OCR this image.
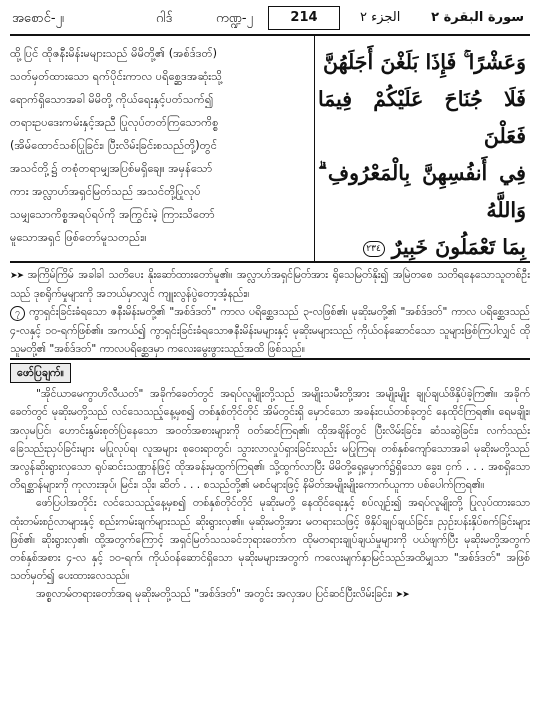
အစောင်-၂၊	ဂါဒ်	ကဏ္ဍ-၂	214	الجزء ٢ سورة البقرة ٢
ထို့ပြင် ထိုဇနီးမိန်းမများသည် မိမိတို့၏ (အစ်ဒ်ဒတ်)
သတ်မှတ်ထားသော ရက်ပိုင်းကာလ ပရိစ္ဆေဒအဆုံးသို့
ရောက်ရှိသောအခါ မိမိတို့ ကိုယ်ရေးနှင့်ပတ်သက်၍
တရားဥပဒေးကမ်းနှင့်အညီ ပြုလုပ်တတ်ကြသောကိစ္စ
(အိမ်ထောင်သစ်ပြုခြင်း၊ ပြီးလိမ်းခြင်းစသည်တို့)တွင်
အသင်တို့၌ တစုံတရာမျှအပြစ်မရှိချေ။ အမှန်သော်
ကား အလ္လာဟ်အရှင်မြတ်သည် အသင်တို့ပြုလုပ်
သမျှသောကိစ္စအရပ်ရပ်ကို အကြွင်းမဲ့ ကြားသိတော်
မူသောအရှင် ဖြစ်တော်မူသတည်း။
وَعَشْرًا ۚ فَإِذَا بَلَغْنَ أَجَلَهُنَّ
فَلَا جُنَاحَ عَلَيْكُمْ فِيمَا فَعَلْنَ
فِي أَنفُسِهِنَّ بِالْمَعْرُوفِ ۗ وَاللَّهُ
بِمَا تَعْمَلُونَ خَبِيرٌ ٢٣٤

➤➤ အကြိမ်ကြိမ် အခါခါ သတိပေး နိုးဆော်ထားတော်မူ၏။ အလ္လာဟ်အရှင်မြတ်အား ရိုသေမြတ်နိုး၍ အမြဲတစေ သတိရနေသောသူတစ်ဦးသည် ဒုစရိုက်မှုများကို အဘယ်မှာလျှင် ကျူးလွန်ပွဲတော့အံ့နည်း။

၇ ကွာရှင်းခြင်းခံရသော ဇနီးမိန်းမတို့၏ "အစ်ဒ်ဒတ်" ကာလ ပရိစ္ဆေဒသည် ၃-လဖြစ်၏၊ မုဆိုးမတို့၏ "အစ်ဒ်ဒတ်" ကာလ ပရိစ္ဆေဒသည် ၄-လနှင့် ၁၀-ရက်ဖြစ်၏။ အကယ်၍ ကွာရှင်းခြင်းခံရသောဇနီးမိန်းမများနှင့် မုဆိုးမများသည် ကိုယ်ဝန်ဆောင်သော သူများဖြစ်ကြပါလျှင် ထိုသူမတို့၏ "အစ်ဒ်ဒတ်" ကာလပရိစ္ဆေဒမှာ ကလေးမွေးဖွားသည်အထိ ဖြစ်သည်။

ဖော်ပြချက်။

"အိုင်ယာမေကွာဟိလီယတ်" အခိုက်ခေတ်တွင် အရပ်လူမျိုးတို့သည် အမျိုးသမီးတို့အား အမျိုးမျိုး ချုပ်ချယ်ဖိနှိပ်ခဲ့ကြ၏။ အခိုက်ခေတ်တွင် မုဆိုးမတို့သည် လင်သေသည့်နေ့မှစ၍ တစ်နှစ်တိုင်တိုင် အိမ်တွင်းရှိ မှောင်သော အခန်းငယ်တစ်ခုတွင် နေထိုင်ကြရ၏။ ရေမချိုး၊ အလှမပြင်၊ ဟောင်းနွမ်းစုတ်ပြဲနေသော အဝတ်အစားများကို ဝတ်ဆင်ကြရ၏၊ ထိုအချိန်တွင် ပြီးလိမ်းခြင်း၊ ဆံသဆွဲခြင်း၊ လက်သည်း ခြေသည်းညှပ်ခြင်းများ မပြုလုပ်ရ၊ လူအများ စုဝေးရာတွင်၊ သွားလာလှုပ်ရှားခြင်းလည်း မပြုကြရ၊ တစ်နှစ်ကျော်သောအခါ မုဆိုးမတို့သည် အလွန်ဆိုးရွားလှသော ရုပ်ဆင်းသဏ္ဌာန်ဖြင့် ထိုအခန်းမှထွက်ကြရ၏၊ သို့ထွက်လာပြီး မိမိတို့ရှေ့မှောက်၌ရှိသော ခွေး၊ ငှက် . . . အစရှိသော တိရစ္ဆာန်များကို ကုလားအုပ်၊ မြင်း၊ သိုး၊ ဆိတ် . . . စသည်တို့၏ မစင်များဖြင့် နိမိတ်အမျိုးမျိုးကောက်ယူကာ ပစ်ပေါက်ကြရ၏။

ဖော်ပြပါအတိုင်း လင်သေသည့်နေ့မှစ၍ တစ်နှစ်တိုင်တိုင် မုဆိုးမတို့ နေထိုင်ရေးနှင့် စပ်လျဉ်း၍ အရပ်လူမျိုးတို့ ပြုလုပ်ထားသော ထုံးတမ်းစဉ်လာများနှင့် စည်းကမ်းချက်များသည် ဆိုးရွားလှ၏။ မုဆိုးမတို့အား မတရားသဖြင့် ဖိနှိပ်ချုပ်ချယ်ခြင်း၊ ညှဉ်းပန်းနှိပ်စက်ခြင်းများဖြစ်၏၊ ဆိုးရွားလှ၏၊ ထို့အတွက်ကြောင့် အရှင်မြတ်သသခင်ဘုရားတော်က ထိုမတရားချုပ်ချယ်မှုများကို ပယ်ဖျက်ပြီး မုဆိုးမတို့အတွက် တစ်နှစ်အစား ၄-လ နှင့် ၁၀-ရက်၊ ကိုယ်ဝန်ဆောင်ရှိသော မုဆိုးမများအတွက် ကလေးမျက်နှာမြင်သည်အထိမျှသာ "အစ်ဒ်ဒတ်" အဖြစ် သတ်မှတ်၍ ပေးထားလေသည်။

အစ္စလာမ်တရားတော်အရ မုဆိုးမတို့သည် "အစ်ဒ်ဒတ်" အတွင်း အလှအပ ပြင်ဆင်ပြီးလိမ်းခြင်း၊ ➤➤
